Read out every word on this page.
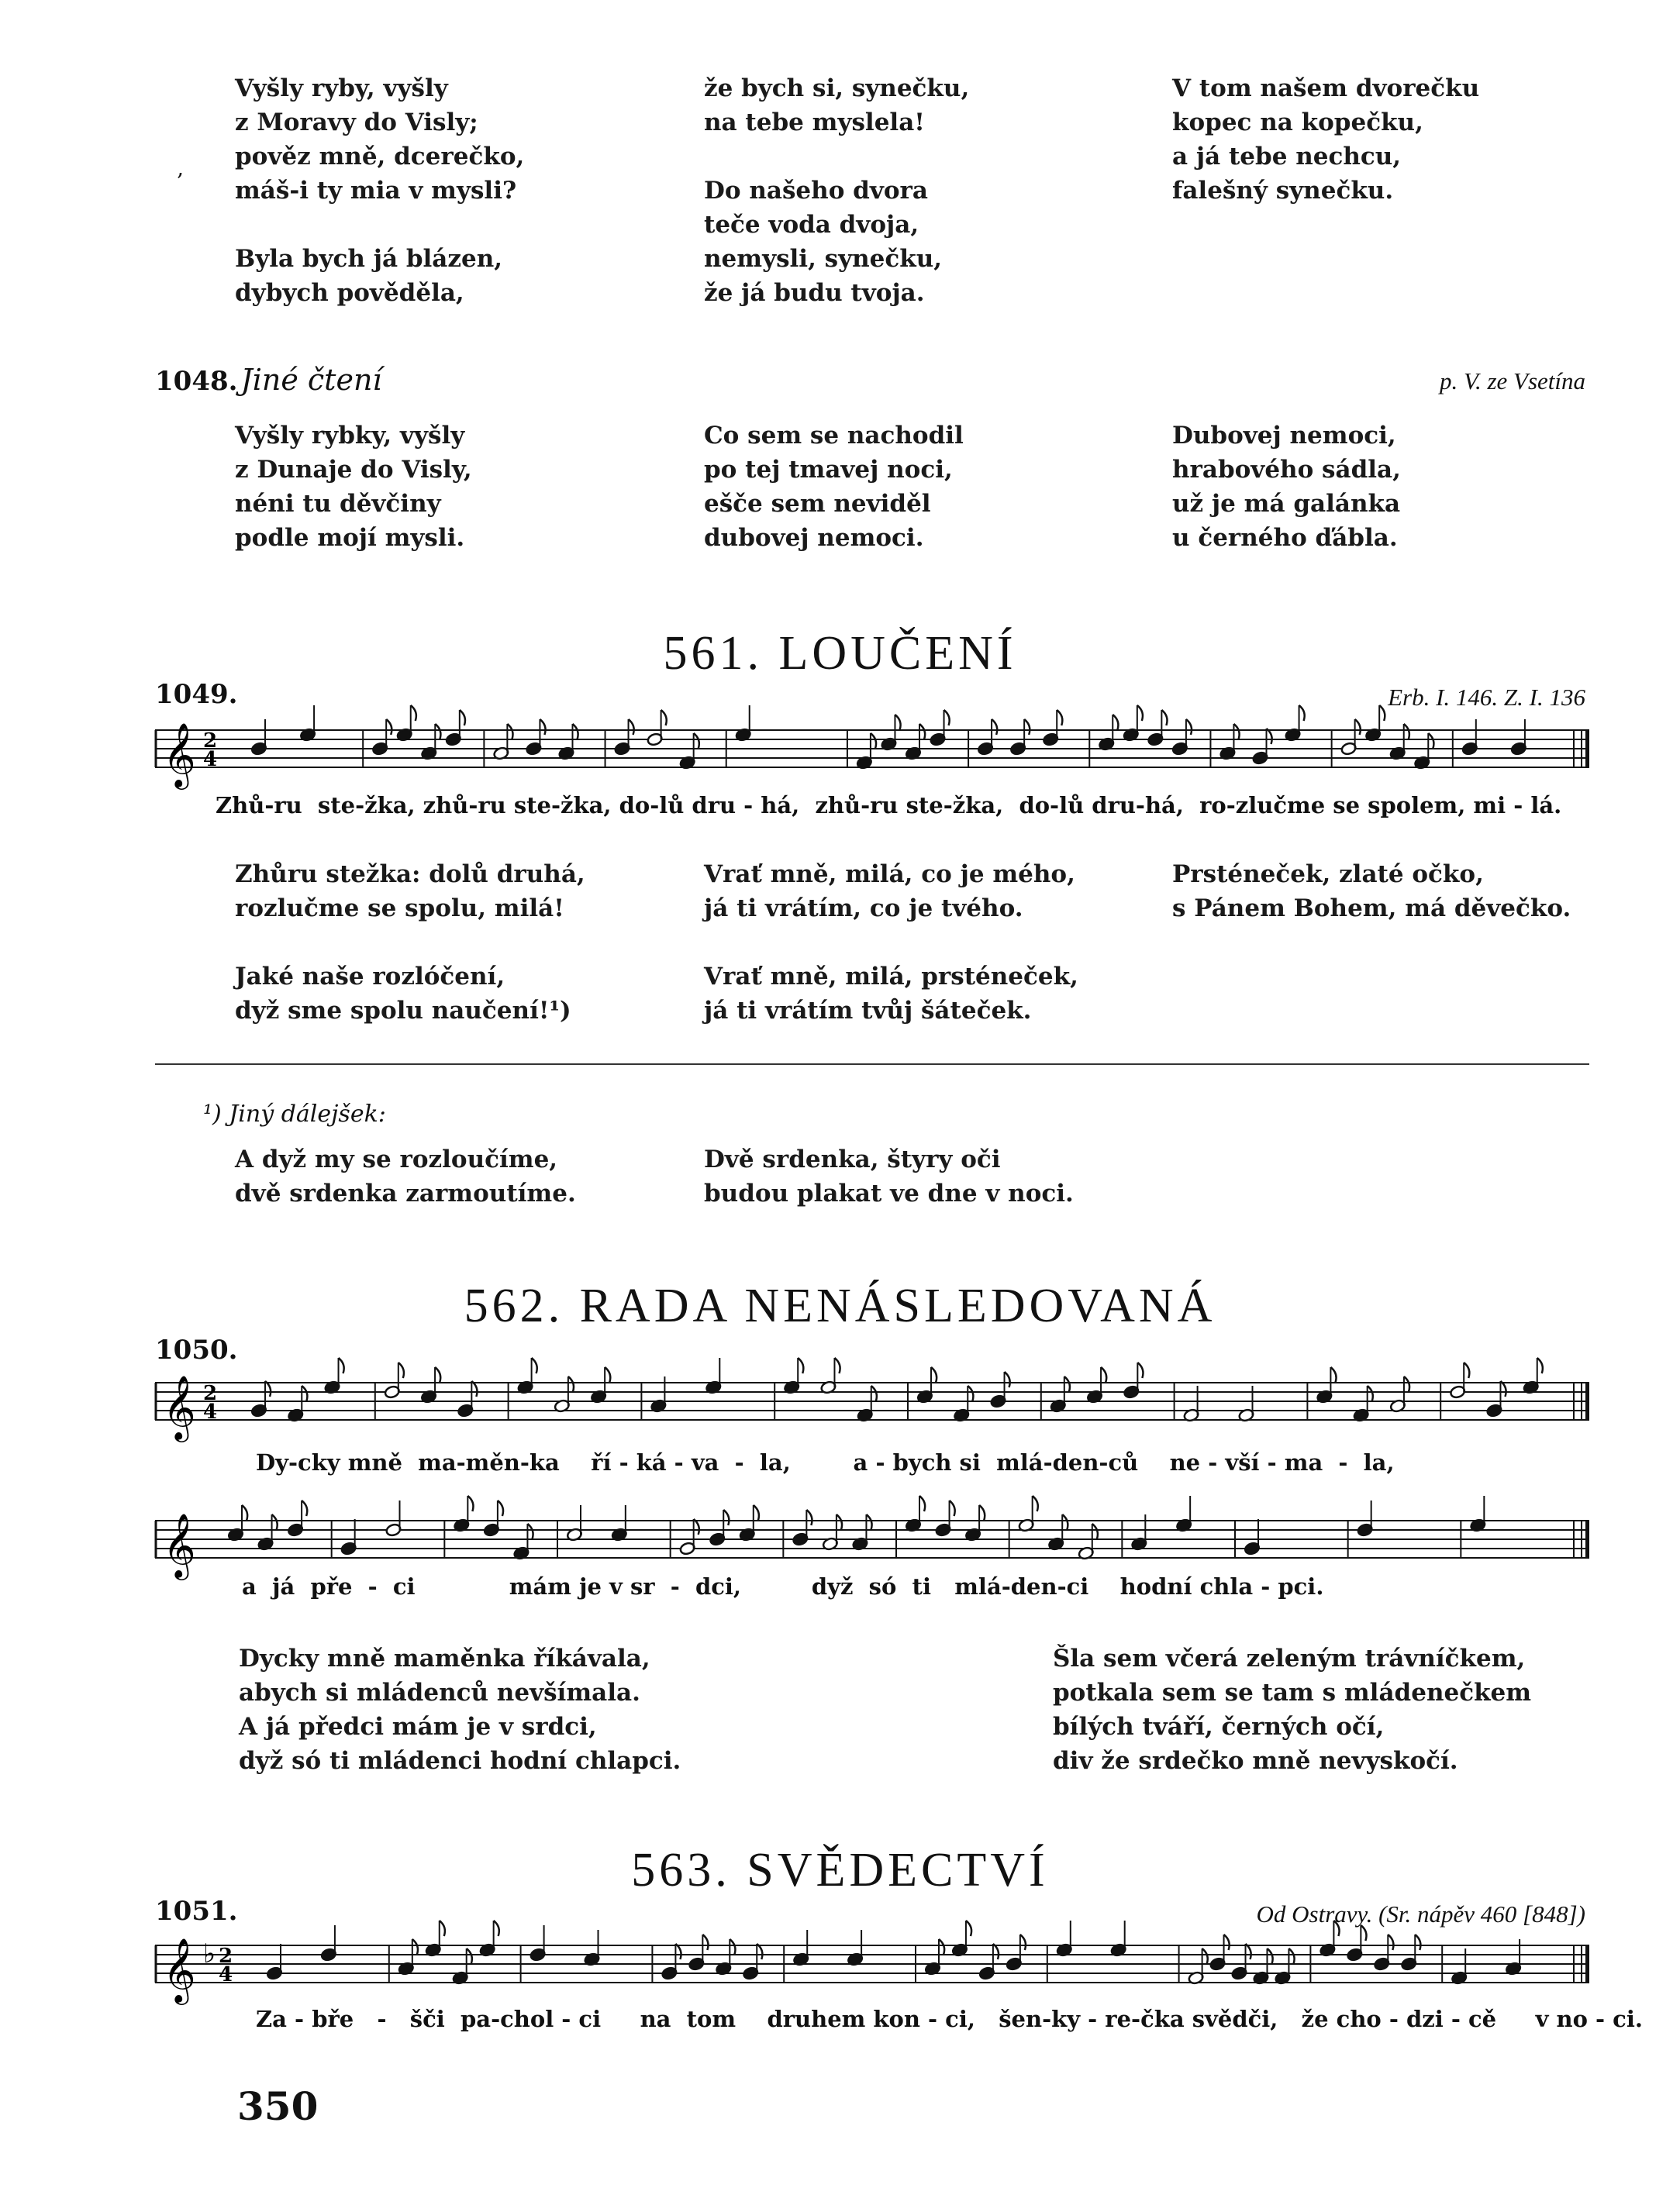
Vyšly ryby, vyšly
z Moravy do Visly;
pověz mně, dcerečko,
máš-i ty mia v mysli?
Byla bych já blázen,
dybych pověděla,
že bych si, synečku,
na tebe myslela!
Do našeho dvora
teče voda dvoja,
nemysli, synečku,
že já budu tvoja.
V tom našem dvorečku
kopec na kopečku,
a já tebe nechcu,
falešný synečku.
‚
1048. Jiné čtení	p. V. ze Vsetína
Vyšly rybky, vyšly
z Dunaje do Visly,
néni tu děvčiny
podle mojí mysli.
Co sem se nachodil
po tej tmavej noci,
ešče sem neviděl
dubovej nemoci.
Dubovej nemoci,
hrabového sádla,
už je má galánka
u černého ďábla.
561. LOUČENÍ
1049.	Erb. I. 146. Z. I. 136
𝄞 2
4
Zhů-ru  ste-žka, zhů-ru ste-žka, do-lů dru - há,  zhů-ru ste-žka,  do-lů dru-há,  ro-zlučme se spolem, mi - lá.
Zhůru stežka: dolů druhá,
rozlučme se spolu, milá!
Jaké naše rozlóčení,
dyž sme spolu naučení!¹)
Vrať mně, milá, co je mého,
já ti vrátím, co je tvého.
Vrať mně, milá, prsténeček,
já ti vrátím tvůj šáteček.
Prsténeček, zlaté očko,
s Pánem Bohem, má děvečko.
¹) Jiný dálejšek:
A dyž my se rozloučíme,
dvě srdenka zarmoutíme.
Dvě srdenka, štyry oči
budou plakat ve dne v noci.
562. RADA NENÁSLEDOVANÁ
1050.
𝄞 2
4
Dy-cky mně  ma-měn-ka    ří - ká - va  -  la,        a - bych si  mlá-den-ců    ne - vší - ma  -  la,
𝄞
a  já  pře  -  ci            mám je v sr  -  dci,         dyž  só  ti   mlá-den-ci    hodní chla - pci.
Dycky mně maměnka říkávala,
abych si mládenců nevšímala.
A já předci mám je v srdci,
dyž só ti mládenci hodní chlapci.
Šla sem včerá zeleným trávníčkem,
potkala sem se tam s mládenečkem
bílých tváří, černých očí,
div že srdečko mně nevyskočí.
563. SVĚDECTVÍ
1051.	Od Ostravy. (Sr. nápěv 460 [848])
𝄞 ♭ 2
4
Za - bře   -   šči  pa-chol - ci     na  tom    druhem kon - ci,   šen-ky - re-čka svědči,   že cho - dzi - cě     v no - ci.
350
